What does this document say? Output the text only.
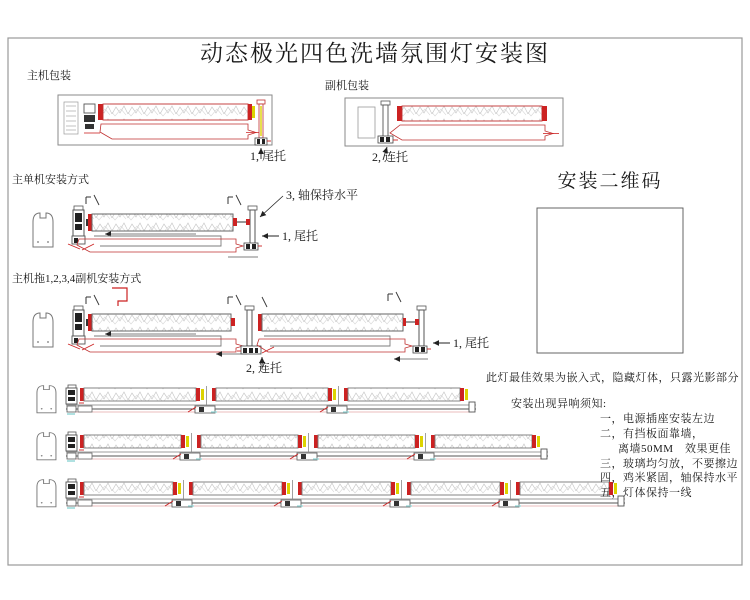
动态极光四色洗墙氛围灯安装图
主机包装
副机包装
主单机安装方式
主机拖1,2,3,4副机安装方式
1, 尾托	2, 连托
3, 轴保持水平
1, 尾托
2, 连托
1, 尾托
安装二维码
此灯最佳效果为嵌入式，隐藏灯体，只露光影部分
安装出现异响须知:
一，电源插座安装左边
二，有挡板面靠墙，
离墙50MM　效果更佳
三，玻璃均匀放，不要擦边
四，鸡米紧固，轴保持水平
五，灯体保持一线
